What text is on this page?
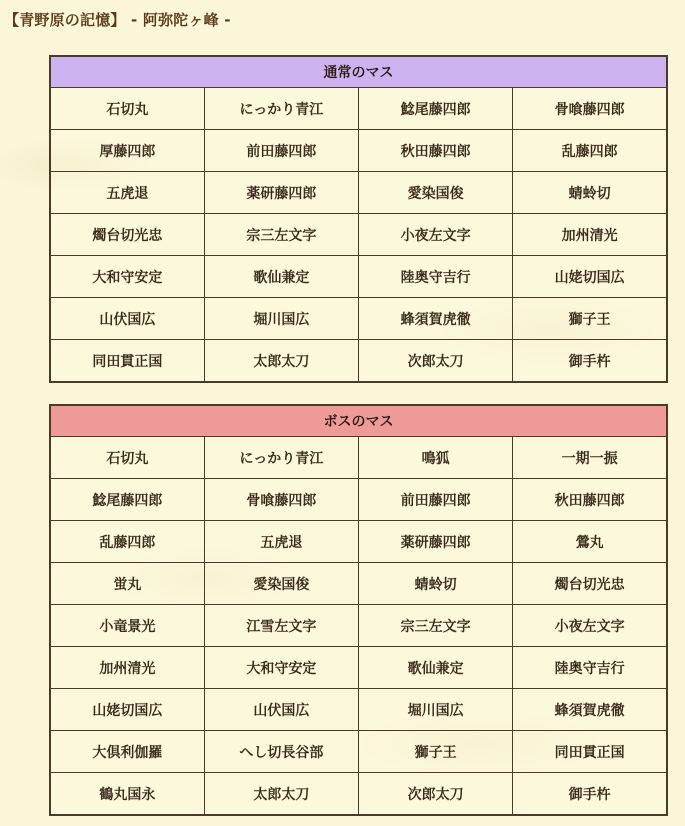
【青野原の記憶】 - 阿弥陀ヶ峰 -
通常のマス			
石切丸	にっかり青江	鯰尾藤四郎	骨喰藤四郎
厚藤四郎	前田藤四郎	秋田藤四郎	乱藤四郎
五虎退	薬研藤四郎	愛染国俊	蜻蛉切
燭台切光忠	宗三左文字	小夜左文字	加州清光
大和守安定	歌仙兼定	陸奥守吉行	山姥切国広
山伏国広	堀川国広	蜂須賀虎徹	獅子王
同田貫正国	太郎太刀	次郎太刀	御手杵
ボスのマス			
石切丸	にっかり青江	鳴狐	一期一振
鯰尾藤四郎	骨喰藤四郎	前田藤四郎	秋田藤四郎
乱藤四郎	五虎退	薬研藤四郎	鶯丸
蛍丸	愛染国俊	蜻蛉切	燭台切光忠
小竜景光	江雪左文字	宗三左文字	小夜左文字
加州清光	大和守安定	歌仙兼定	陸奥守吉行
山姥切国広	山伏国広	堀川国広	蜂須賀虎徹
大倶利伽羅	へし切長谷部	獅子王	同田貫正国
鶴丸国永	太郎太刀	次郎太刀	御手杵
